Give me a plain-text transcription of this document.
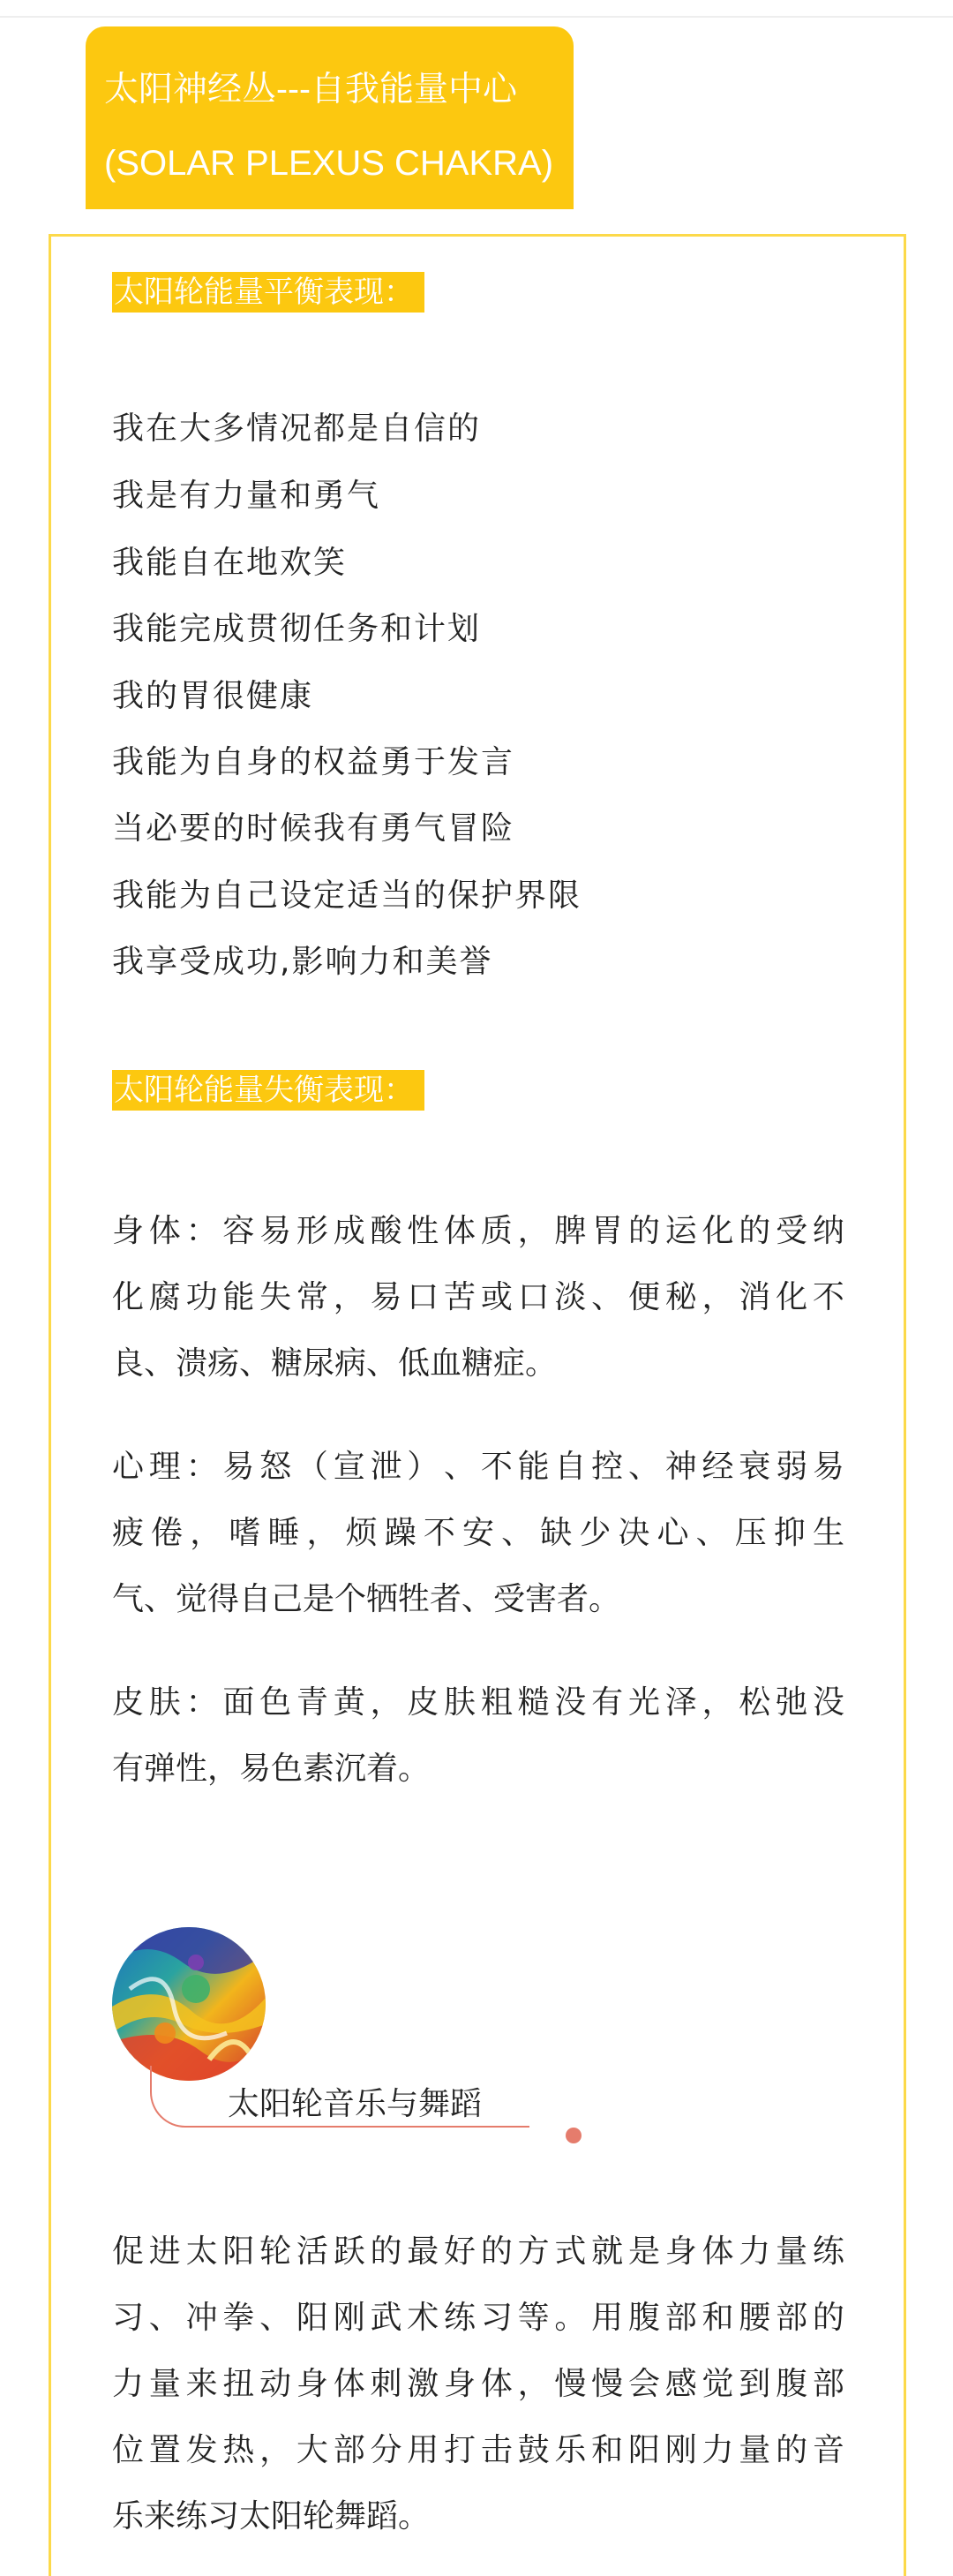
太阳神经丛---自我能量中心
(SOLAR PLEXUS CHAKRA)
太阳轮能量平衡表现：
我在大多情况都是自信的
我是有力量和勇气
我能自在地欢笑
我能完成贯彻任务和计划
我的胃很健康
我能为自身的权益勇于发言
当必要的时候我有勇气冒险
我能为自己设定适当的保护界限
我享受成功,影响力和美誉
太阳轮能量失衡表现：
身 体 ： 容 易 形 成 酸 性 体 质 ， 脾 胃 的 运 化 的 受 纳
化 腐 功 能 失 常 ， 易 口 苦 或 口 淡 、 便 秘 ， 消 化 不
良、溃疡、糖尿病、低血糖症。
心 理 ： 易 怒 （ 宣 泄 ） 、 不 能 自 控 、 神 经 衰 弱 易
疲 倦 ， 嗜 睡 ， 烦 躁 不 安 、 缺 少 决 心 、 压 抑 生
气、觉得自己是个牺牲者、受害者。
皮 肤 ： 面 色 青 黄 ， 皮 肤 粗 糙 没 有 光 泽 ， 松 弛 没
有弹性，易色素沉着。
太阳轮音乐与舞蹈
促 进 太 阳 轮 活 跃 的 最 好 的 方 式 就 是 身 体 力 量 练
习 、 冲 拳 、 阳 刚 武 术 练 习 等 。 用 腹 部 和 腰 部 的
力 量 来 扭 动 身 体 刺 激 身 体 ， 慢 慢 会 感 觉 到 腹 部
位 置 发 热 ， 大 部 分 用 打 击 鼓 乐 和 阳 刚 力 量 的 音
乐来练习太阳轮舞蹈。
